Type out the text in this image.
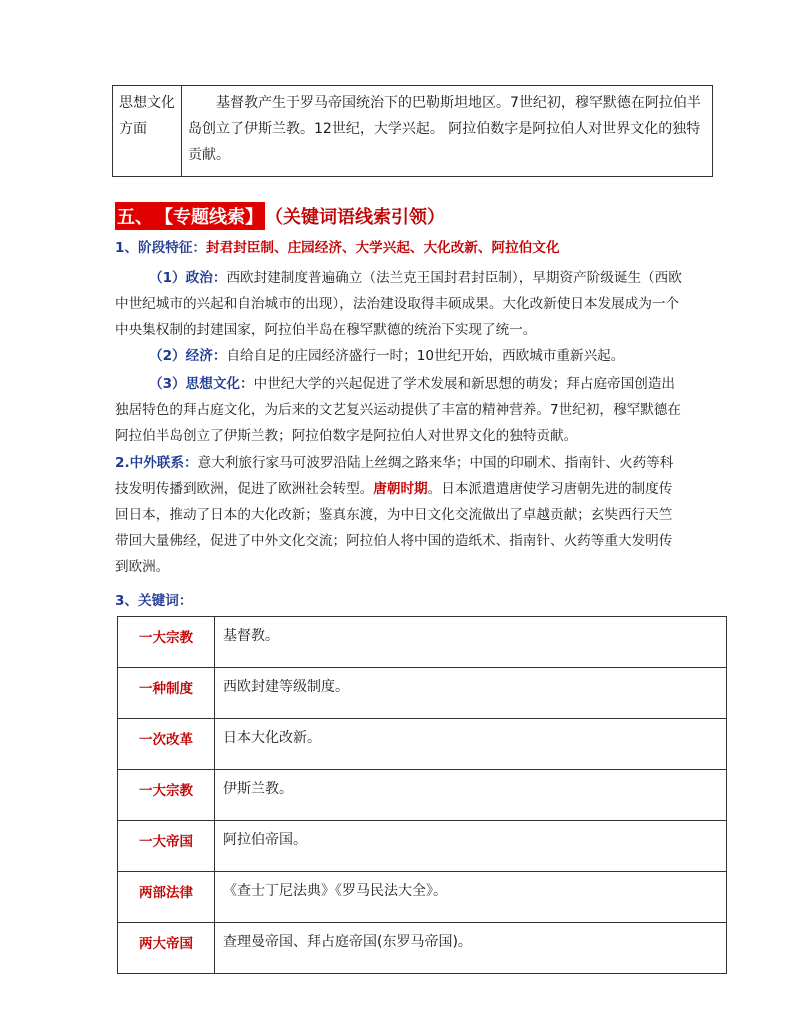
思想文化方面	基督教产生于罗马帝国统治下的巴勒斯坦地区。7世纪初，穆罕默德在阿拉伯半岛创立了伊斯兰教。12世纪，大学兴起。 阿拉伯数字是阿拉伯人对世界文化的独特贡献。
五、 【专题线索】 （关键词语线索引领）
1、阶段特征：封君封臣制、庄园经济、大学兴起、大化改新、阿拉伯文化
（1）政治：西欧封建制度普遍确立（法兰克王国封君封臣制），早期资产阶级诞生（西欧中世纪城市的兴起和自治城市的出现），法治建设取得丰硕成果。大化改新使日本发展成为一个中央集权制的封建国家，阿拉伯半岛在穆罕默德的统治下实现了统一。
（2）经济：自给自足的庄园经济盛行一时；10世纪开始，西欧城市重新兴起。
（3）思想文化：中世纪大学的兴起促进了学术发展和新思想的萌发；拜占庭帝国创造出独居特色的拜占庭文化，为后来的文艺复兴运动提供了丰富的精神营养。7世纪初，穆罕默德在阿拉伯半岛创立了伊斯兰教；阿拉伯数字是阿拉伯人对世界文化的独特贡献。
2.中外联系：意大利旅行家马可波罗沿陆上丝绸之路来华；中国的印刷术、指南针、火药等科技发明传播到欧洲，促进了欧洲社会转型。唐朝时期。日本派遣遣唐使学习唐朝先进的制度传回日本，推动了日本的大化改新；鉴真东渡，为中日文化交流做出了卓越贡献；玄奘西行天竺带回大量佛经，促进了中外文化交流；阿拉伯人将中国的造纸术、指南针、火药等重大发明传到欧洲。
3、关键词：
一大宗教	基督教。
一种制度	西欧封建等级制度。
一次改革	日本大化改新。
一大宗教	伊斯兰教。
一大帝国	阿拉伯帝国。
两部法律	《查士丁尼法典》《罗马民法大全》。
两大帝国	查理曼帝国、拜占庭帝国(东罗马帝国)。
